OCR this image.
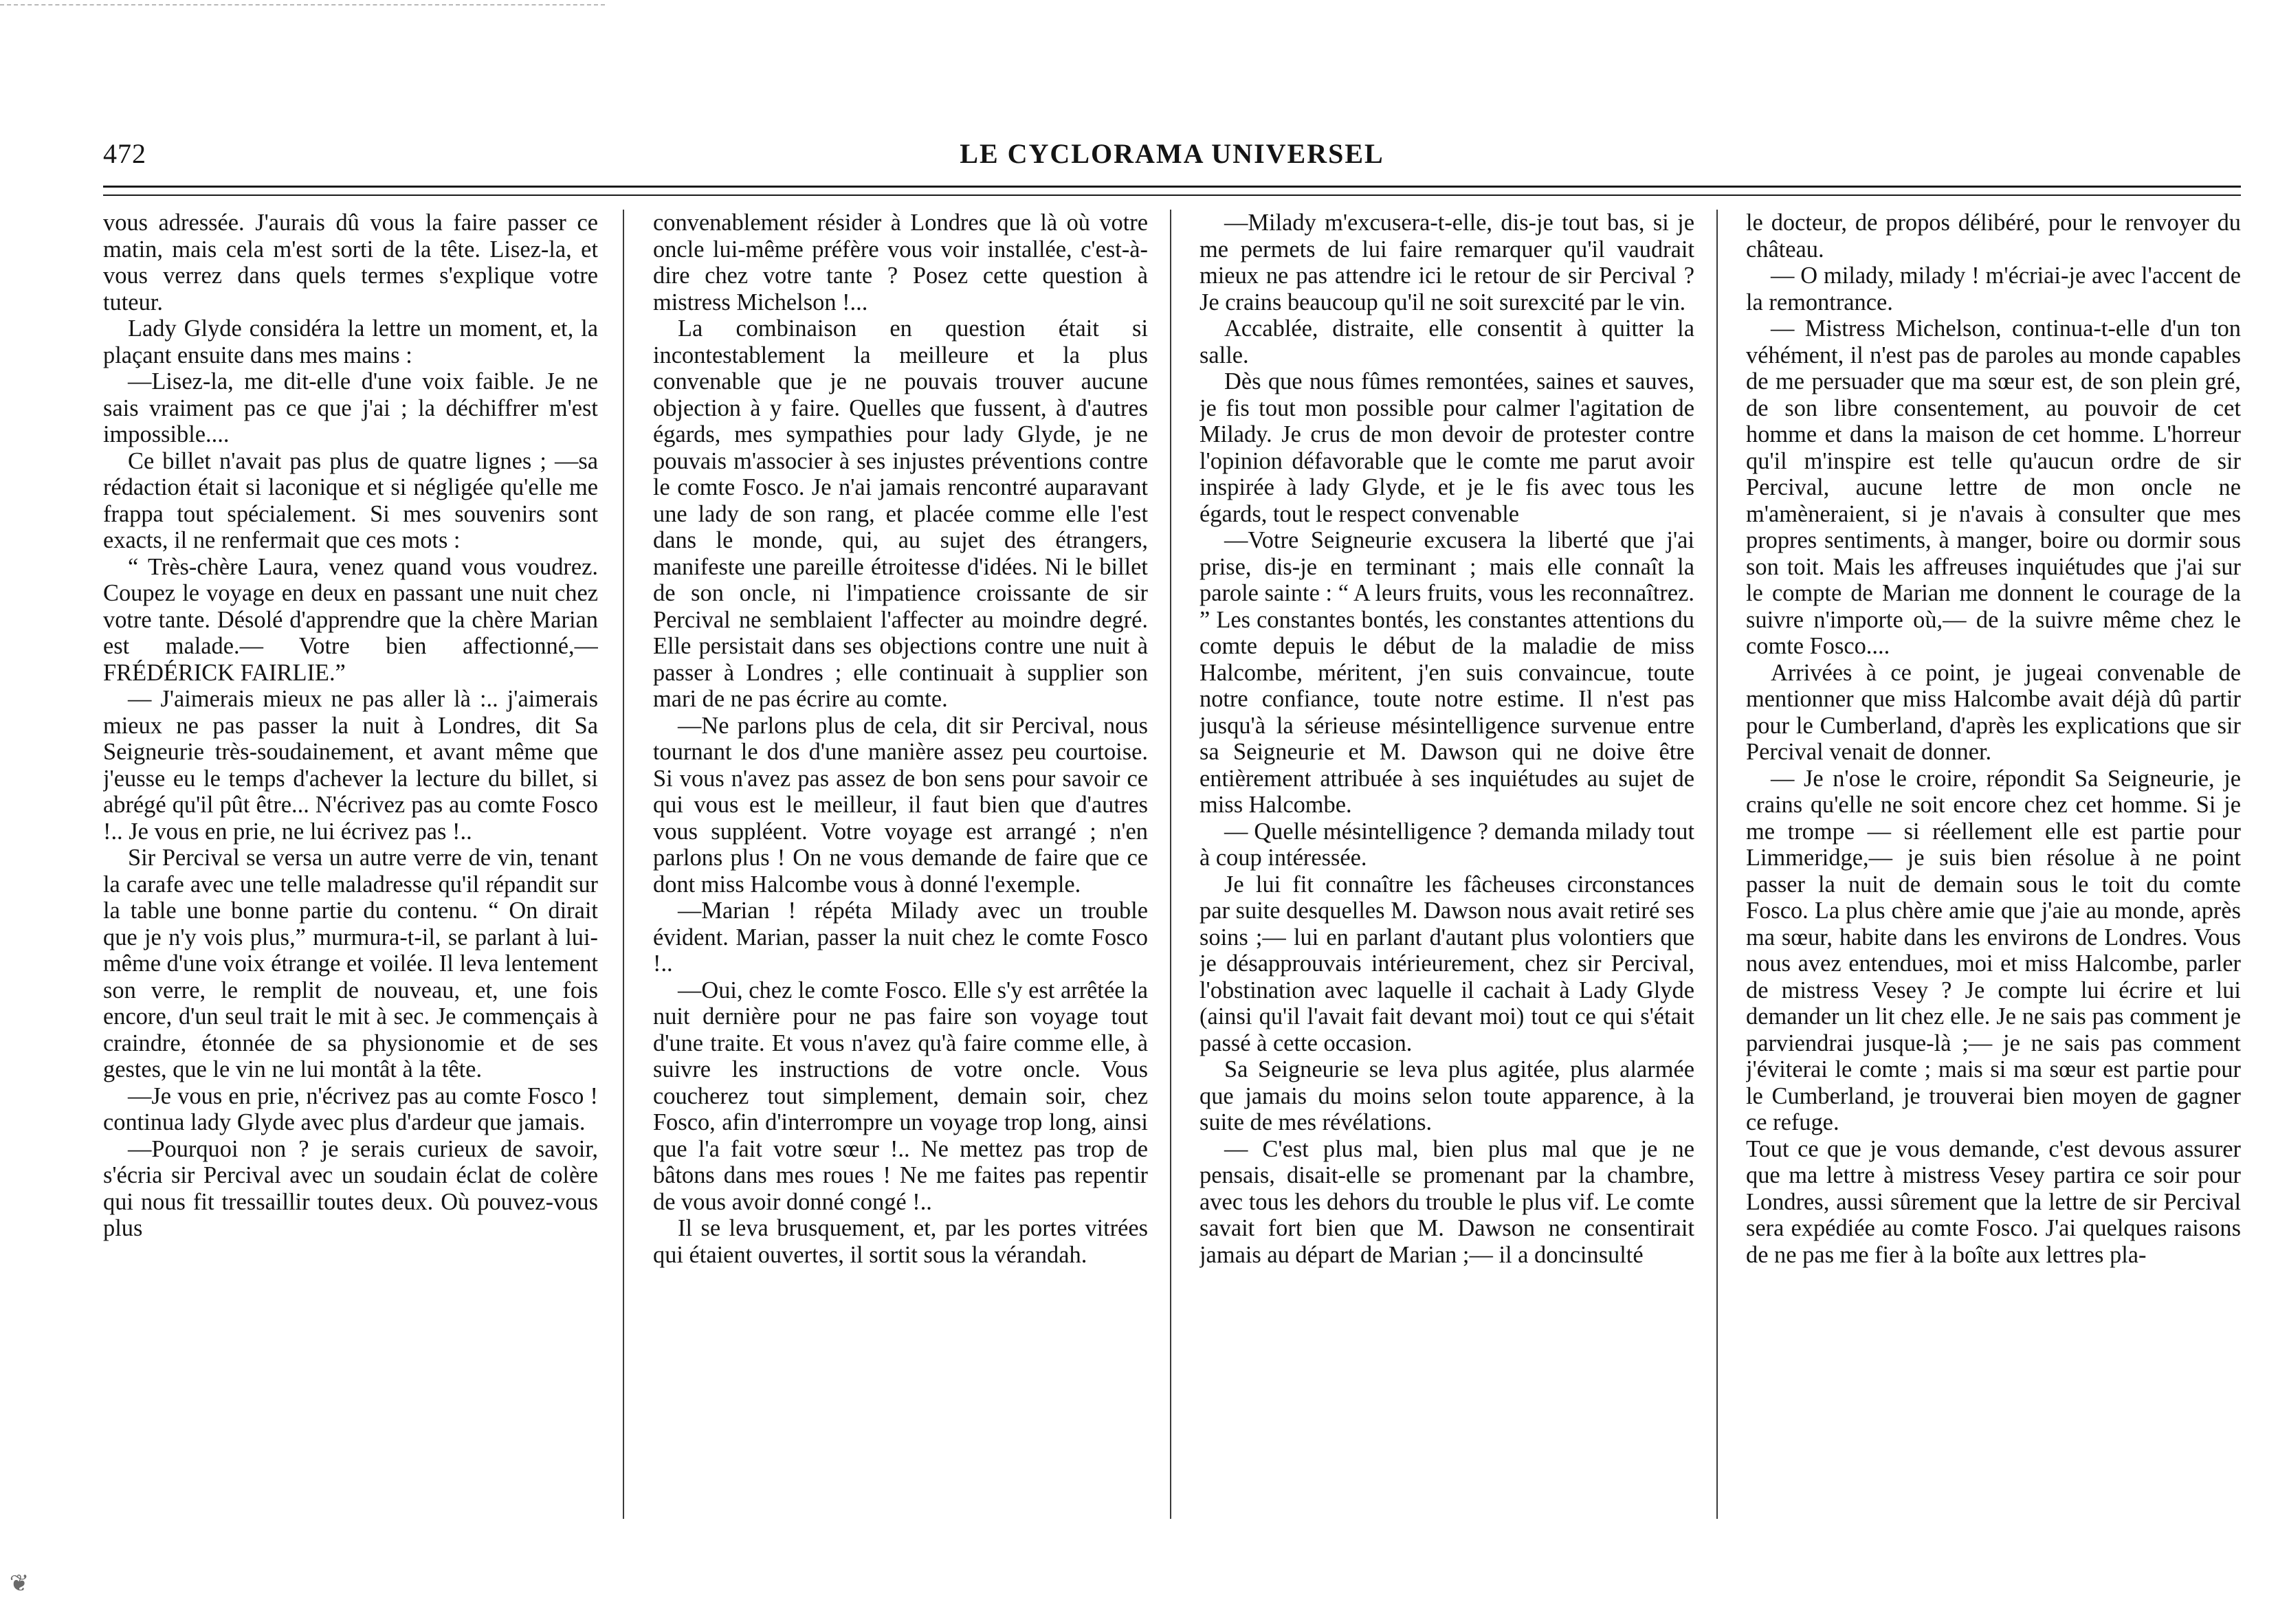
472	LE CYCLORAMA UNIVERSEL

vous adressée. J'aurais dû vous la faire passer ce matin, mais cela m'est sorti de la tête. Lisez-la, et vous verrez dans quels termes s'explique votre tuteur.

Lady Glyde considéra la lettre un moment, et, la plaçant ensuite dans mes mains :

—Lisez-la, me dit-elle d'une voix faible. Je ne sais vraiment pas ce que j'ai ; la déchiffrer m'est impossible....

Ce billet n'avait pas plus de quatre lignes ; —sa rédaction était si laconique et si négligée qu'elle me frappa tout spécialement. Si mes souvenirs sont exacts, il ne renfermait que ces mots :

“ Très-chère Laura, venez quand vous voudrez. Coupez le voyage en deux en passant une nuit chez votre tante. Désolé d'apprendre que la chère Marian est malade.— Votre bien affectionné,— FRÉDÉRICK FAIRLIE.”

— J'aimerais mieux ne pas aller là :.. j'aimerais mieux ne pas passer la nuit à Londres, dit Sa Seigneurie très-soudainement, et avant même que j'eusse eu le temps d'achever la lecture du billet, si abrégé qu'il pût être... N'écrivez pas au comte Fosco !.. Je vous en prie, ne lui écrivez pas !..

Sir Percival se versa un autre verre de vin, tenant la carafe avec une telle maladresse qu'il répandit sur la table une bonne partie du contenu. “ On dirait que je n'y vois plus,” murmura-t-il, se parlant à lui-même d'une voix étrange et voilée. Il leva lentement son verre, le remplit de nouveau, et, une fois encore, d'un seul trait le mit à sec. Je commençais à craindre, étonnée de sa physionomie et de ses gestes, que le vin ne lui montât à la tête.

—Je vous en prie, n'écrivez pas au comte Fosco ! continua lady Glyde avec plus d'ardeur que jamais.

—Pourquoi non ? je serais curieux de savoir, s'écria sir Percival avec un soudain éclat de colère qui nous fit tressaillir toutes deux. Où pouvez-vous plus

convenablement résider à Londres que là où votre oncle lui-même préfère vous voir installée, c'est-à-dire chez votre tante ? Posez cette question à mistress Michelson !...

La combinaison en question était si incontestablement la meilleure et la plus convenable que je ne pouvais trouver aucune objection à y faire. Quelles que fussent, à d'autres égards, mes sympathies pour lady Glyde, je ne pouvais m'associer à ses injustes préventions contre le comte Fosco. Je n'ai jamais rencontré auparavant une lady de son rang, et placée comme elle l'est dans le monde, qui, au sujet des étrangers, manifeste une pareille étroitesse d'idées. Ni le billet de son oncle, ni l'impatience croissante de sir Percival ne semblaient l'affecter au moindre degré. Elle persistait dans ses objections contre une nuit à passer à Londres ; elle continuait à supplier son mari de ne pas écrire au comte.

—Ne parlons plus de cela, dit sir Percival, nous tournant le dos d'une manière assez peu courtoise. Si vous n'avez pas assez de bon sens pour savoir ce qui vous est le meilleur, il faut bien que d'autres vous suppléent. Votre voyage est arrangé ; n'en parlons plus ! On ne vous demande de faire que ce dont miss Halcombe vous à donné l'exemple.

—Marian ! répéta Milady avec un trouble évident. Marian, passer la nuit chez le comte Fosco !..

—Oui, chez le comte Fosco. Elle s'y est arrêtée la nuit dernière pour ne pas faire son voyage tout d'une traite. Et vous n'avez qu'à faire comme elle, à suivre les instructions de votre oncle. Vous coucherez tout simplement, demain soir, chez Fosco, afin d'interrompre un voyage trop long, ainsi que l'a fait votre sœur !.. Ne mettez pas trop de bâtons dans mes roues ! Ne me faites pas repentir de vous avoir donné congé !..

Il se leva brusquement, et, par les portes vitrées qui étaient ouvertes, il sortit sous la vérandah.

—Milady m'excusera-t-elle, dis-je tout bas, si je me permets de lui faire remarquer qu'il vaudrait mieux ne pas attendre ici le retour de sir Percival ? Je crains beaucoup qu'il ne soit surexcité par le vin.

Accablée, distraite, elle consentit à quitter la salle.

Dès que nous fûmes remontées, saines et sauves, je fis tout mon possible pour calmer l'agitation de Milady. Je crus de mon devoir de protester contre l'opinion défavorable que le comte me parut avoir inspirée à lady Glyde, et je le fis avec tous les égards, tout le respect convenable

—Votre Seigneurie excusera la liberté que j'ai prise, dis-je en terminant ; mais elle connaît la parole sainte : “ A leurs fruits, vous les reconnaîtrez. ” Les constantes bontés, les constantes attentions du comte depuis le début de la maladie de miss Halcombe, méritent, j'en suis convaincue, toute notre confiance, toute notre estime. Il n'est pas jusqu'à la sérieuse mésintelligence survenue entre sa Seigneurie et M. Dawson qui ne doive être entièrement attribuée à ses inquiétudes au sujet de miss Halcombe.

— Quelle mésintelligence ? demanda milady tout à coup intéressée.

Je lui fit connaître les fâcheuses circonstances par suite desquelles M. Dawson nous avait retiré ses soins ;— lui en parlant d'autant plus volontiers que je désapprouvais intérieurement, chez sir Percival, l'obstination avec laquelle il cachait à Lady Glyde (ainsi qu'il l'avait fait devant moi) tout ce qui s'était passé à cette occasion.

Sa Seigneurie se leva plus agitée, plus alarmée que jamais du moins selon toute apparence, à la suite de mes révélations.

— C'est plus mal, bien plus mal que je ne pensais, disait-elle se promenant par la chambre, avec tous les dehors du trouble le plus vif. Le comte savait fort bien que M. Dawson ne consentirait jamais au départ de Marian ;— il a doncinsulté

le docteur, de propos délibéré, pour le renvoyer du château.

— O milady, milady ! m'écriai-je avec l'accent de la remontrance.

— Mistress Michelson, continua-t-elle d'un ton véhément, il n'est pas de paroles au monde capables de me persuader que ma sœur est, de son plein gré, de son libre consentement, au pouvoir de cet homme et dans la maison de cet homme. L'horreur qu'il m'inspire est telle qu'aucun ordre de sir Percival, aucune lettre de mon oncle ne m'amèneraient, si je n'avais à consulter que mes propres sentiments, à manger, boire ou dormir sous son toit. Mais les affreuses inquiétudes que j'ai sur le compte de Marian me donnent le courage de la suivre n'importe où,— de la suivre même chez le comte Fosco....

Arrivées à ce point, je jugeai convenable de mentionner que miss Halcombe avait déjà dû partir pour le Cumberland, d'après les explications que sir Percival venait de donner.

— Je n'ose le croire, répondit Sa Seigneurie, je crains qu'elle ne soit encore chez cet homme. Si je me trompe — si réellement elle est partie pour Limmeridge,— je suis bien résolue à ne point passer la nuit de demain sous le toit du comte Fosco. La plus chère amie que j'aie au monde, après ma sœur, habite dans les environs de Londres. Vous nous avez entendues, moi et miss Halcombe, parler de mistress Vesey ? Je compte lui écrire et lui demander un lit chez elle. Je ne sais pas comment je parviendrai jusque-là ;— je ne sais pas comment j'éviterai le comte ; mais si ma sœur est partie pour le Cumberland, je trouverai bien moyen de gagner ce refuge.

Tout ce que je vous demande, c'est devous assurer que ma lettre à mistress Vesey partira ce soir pour Londres, aussi sûrement que la lettre de sir Percival sera expédiée au comte Fosco. J'ai quelques raisons de ne pas me fier à la boîte aux lettres pla-

❦
